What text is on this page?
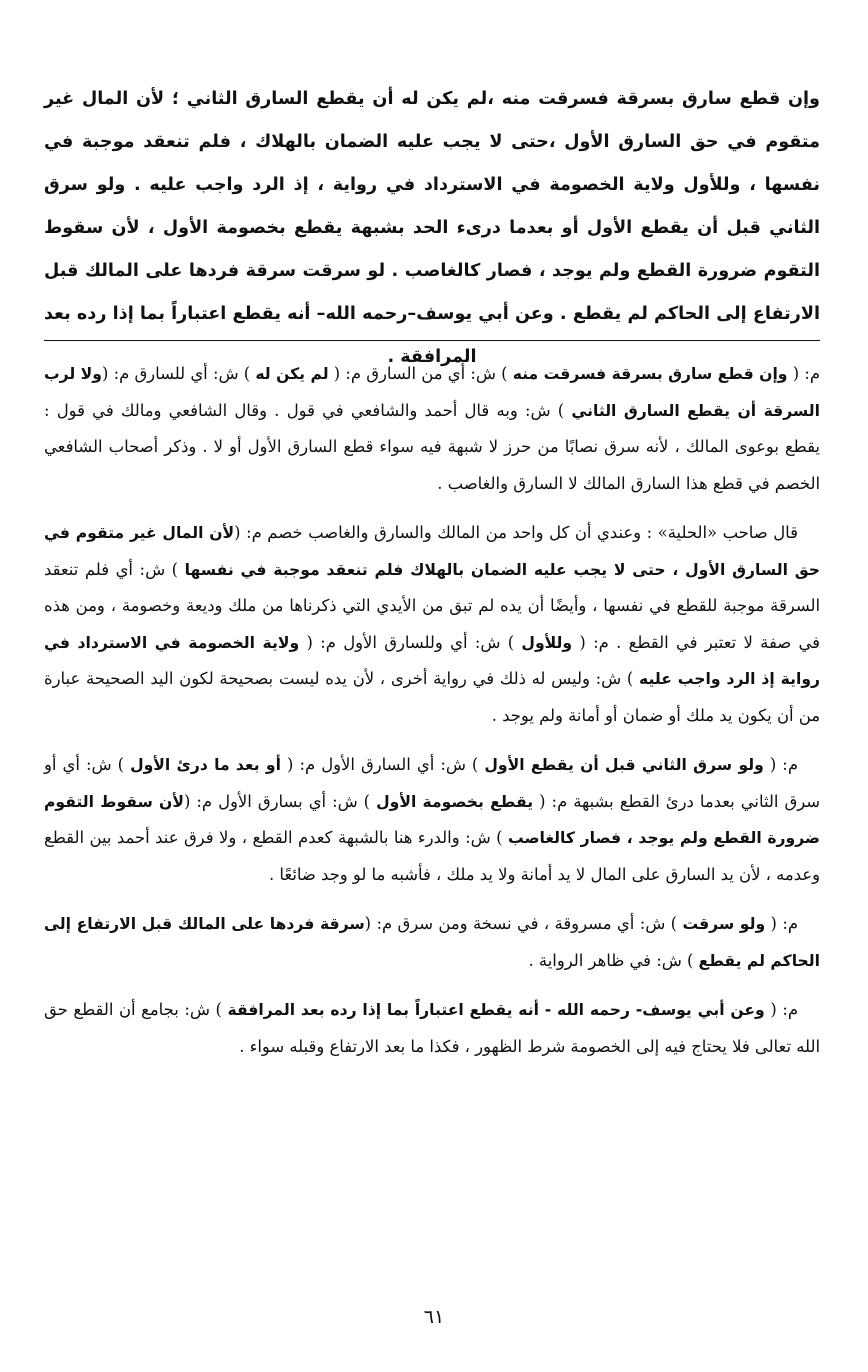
وإن قطع سارق بسرقة فسرقت منه ،لم يكن له أن يقطع السارق الثاني ؛ لأن المال غير متقوم في حق السارق الأول ،حتى لا يجب عليه الضمان بالهلاك ، فلم تنعقد موجبة في نفسها ، وللأول ولاية الخصومة في الاسترداد في رواية ، إذ الرد واجب عليه . ولو سرق الثاني قبل أن يقطع الأول أو بعدما درىء الحد بشبهة يقطع بخصومة الأول ، لأن سقوط التقوم ضرورة القطع ولم يوجد ، فصار كالغاصب . لو سرقت سرقة فردها على المالك قبل الارتفاع إلى الحاكم لم يقطع . وعن أبي يوسف–رحمه الله– أنه يقطع اعتباراً بما إذا رده بعد المرافقة .

م: ( وإن قطع سارق بسرقة فسرقت منه ) ش: أي من السارق م: ( لم يكن له ) ش: أي للسارق م: (ولا لرب السرقة أن يقطع السارق الثاني ) ش: وبه قال أحمد والشافعي في قول . وقال الشافعي ومالك في قول : يقطع بوعوى المالك ، لأنه سرق نصابًا من حرز لا شبهة فيه سواء قطع السارق الأول أو لا . وذكر أصحاب الشافعي الخصم في قطع هذا السارق المالك لا السارق والغاصب .

قال صاحب «الحلية» : وعندي أن كل واحد من المالك والسارق والغاصب خصم م: (لأن المال غير متقوم في حق السارق الأول ، حتى لا يجب عليه الضمان بالهلاك فلم تنعقد موجبة في نفسها ) ش: أي فلم تنعقد السرقة موجبة للقطع في نفسها ، وأيضًا أن يده لم تبق من الأيدي التي ذكرناها من ملك وديعة وخصومة ، ومن هذه في صفة لا تعتبر في القطع . م: ( وللأول ) ش: أي وللسارق الأول م: ( ولاية الخصومة في الاسترداد في رواية إذ الرد واجب عليه ) ش: وليس له ذلك في رواية أخرى ، لأن يده ليست بصحيحة لكون اليد الصحيحة عبارة من أن يكون يد ملك أو ضمان أو أمانة ولم يوجد .

م: ( ولو سرق الثاني قبل أن يقطع الأول ) ش: أي السارق الأول م: ( أو بعد ما درئ الأول ) ش: أي أو سرق الثاني بعدما درئ القطع بشبهة م: ( يقطع بخصومة الأول ) ش: أي بسارق الأول م: (لأن سقوط التقوم ضرورة القطع ولم يوجد ، فصار كالغاصب ) ش: والدرء هنا بالشبهة كعدم القطع ، ولا فرق عند أحمد بين القطع وعدمه ، لأن يد السارق على المال لا يد أمانة ولا يد ملك ، فأشبه ما لو وجد ضائعًا .

م: ( ولو سرقت ) ش: أي مسروقة ، في نسخة ومن سرق م: (سرقة فردها على المالك قبل الارتفاع إلى الحاكم لم يقطع ) ش: في ظاهر الرواية .

م: ( وعن أبي يوسف- رحمه الله - أنه يقطع اعتباراً بما إذا رده بعد المرافقة ) ش: بجامع أن القطع حق الله تعالى فلا يحتاج فيه إلى الخصومة شرط الظهور ، فكذا ما بعد الارتفاع وقبله سواء .

٦١
